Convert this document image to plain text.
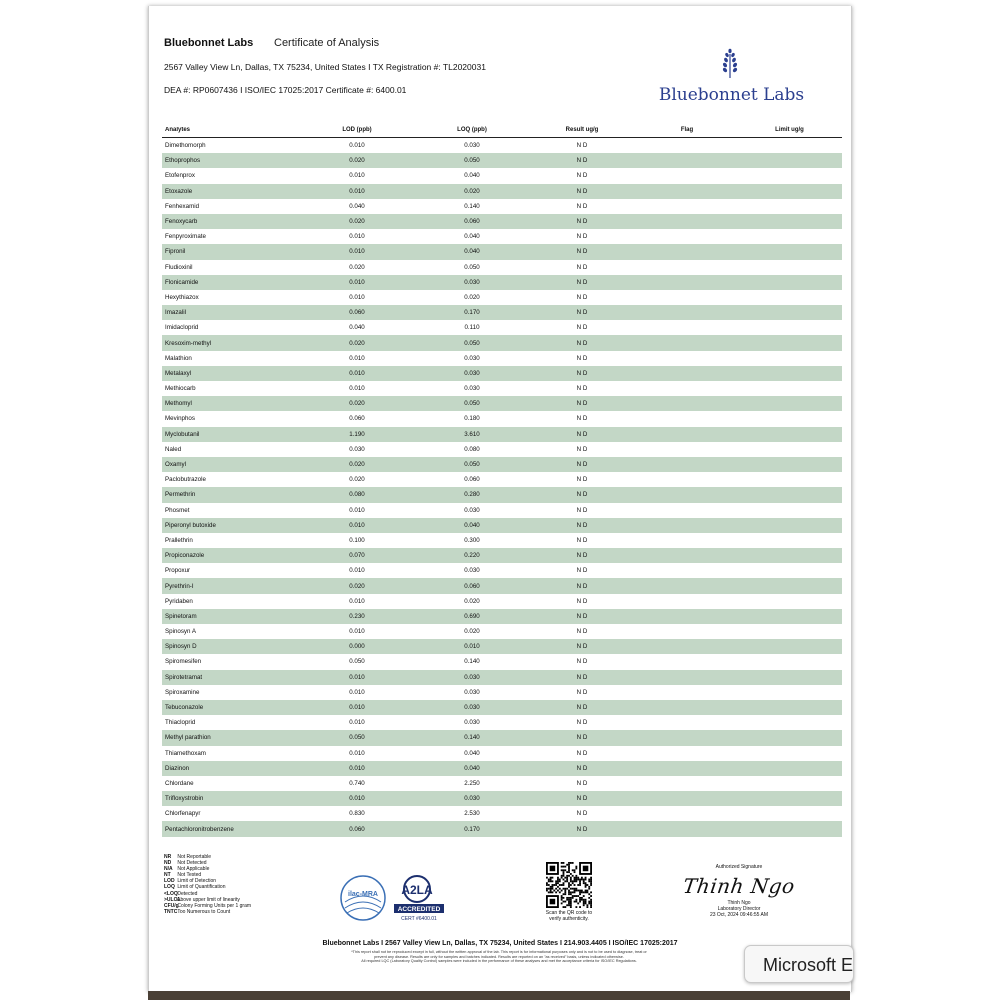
Bluebonnet Labs Certificate of Analysis
2567 Valley View Ln, Dallas, TX 75234, United States I TX Registration #: TL2020031
DEA #: RP0607436 I ISO/IEC 17025:2017 Certificate #: 6400.01	Bluebonnet Labs
Analytes	LOD (ppb)	LOQ (ppb)	Result ug/g	Flag	Limit ug/g
Dimethomorph	0.010	0.030	N D
Ethoprophos	0.020	0.050	N D
Etofenprox	0.010	0.040	N D
Etoxazole	0.010	0.020	N D
Fenhexamid	0.040	0.140	N D
Fenoxycarb	0.020	0.060	N D
Fenpyroximate	0.010	0.040	N D
Fipronil	0.010	0.040	N D
Fludioxinil	0.020	0.050	N D
Flonicamide	0.010	0.030	N D
Hexythiazox	0.010	0.020	N D
Imazalil	0.060	0.170	N D
Imidacloprid	0.040	0.110	N D
Kresoxim-methyl	0.020	0.050	N D
Malathion	0.010	0.030	N D
Metalaxyl	0.010	0.030	N D
Methiocarb	0.010	0.030	N D
Methomyl	0.020	0.050	N D
Mevinphos	0.060	0.180	N D
Myclobutanil	1.190	3.610	N D
Naled	0.030	0.080	N D
Oxamyl	0.020	0.050	N D
Paclobutrazole	0.020	0.060	N D
Permethrin	0.080	0.280	N D
Phosmet	0.010	0.030	N D
Piperonyl butoxide	0.010	0.040	N D
Prallethrin	0.100	0.300	N D
Propiconazole	0.070	0.220	N D
Propoxur	0.010	0.030	N D
Pyrethrin-I	0.020	0.060	N D
Pyridaben	0.010	0.020	N D
Spinetoram	0.230	0.690	N D
Spinosyn A	0.010	0.020	N D
Spinosyn D	0.000	0.010	N D
Spiromesifen	0.050	0.140	N D
Spirotetramat	0.010	0.030	N D
Spiroxamine	0.010	0.030	N D
Tebuconazole	0.010	0.030	N D
Thiacloprid	0.010	0.030	N D
Methyl parathion	0.050	0.140	N D
Thiamethoxam	0.010	0.040	N D
Diazinon	0.010	0.040	N D
Chlordane	0.740	2.250	N D
Trifloxystrobin	0.010	0.030	N D
Chlorfenapyr	0.830	2.530	N D
Pentachloronitrobenzene	0.060	0.170	N D
NR Not Reportable
ND Not Detected
N/A Not Applicable
NT Not Tested
LOD Limit of Detection
LOQ Limit of Quantification
<LOQ Detected
>ULOL Above upper limit of linearity
CFU/g Colony Forming Units per 1 gram
TNTC Too Numerous to Count
ilac-MRA A2LA
ACCREDITED
CERT #6400.01
Scan the QR code to
verify authenticity.
Authorized Signature
Thinh Ngo
Thinh Ngo
Laboratory Director
23 Oct, 2024 09:46:55 AM
Bluebonnet Labs I 2567 Valley View Ln, Dallas, TX 75234, United States I 214.903.4405 I ISO/IEC 17025:2017
*This report shall not be reproduced except in full, without the written approval of the lab. This report is for informational purposes only and is not to be used to diagnose, treat or
prevent any disease. Results are only for samples and batches indicated. Results are reported on an "as received" basis, unless indicated otherwise.
All required LQC (Laboratory Quality Control) samples were included in the performance of these analyses and met the acceptance criteria for ISO/IEC Regulations.	Microsoft E
